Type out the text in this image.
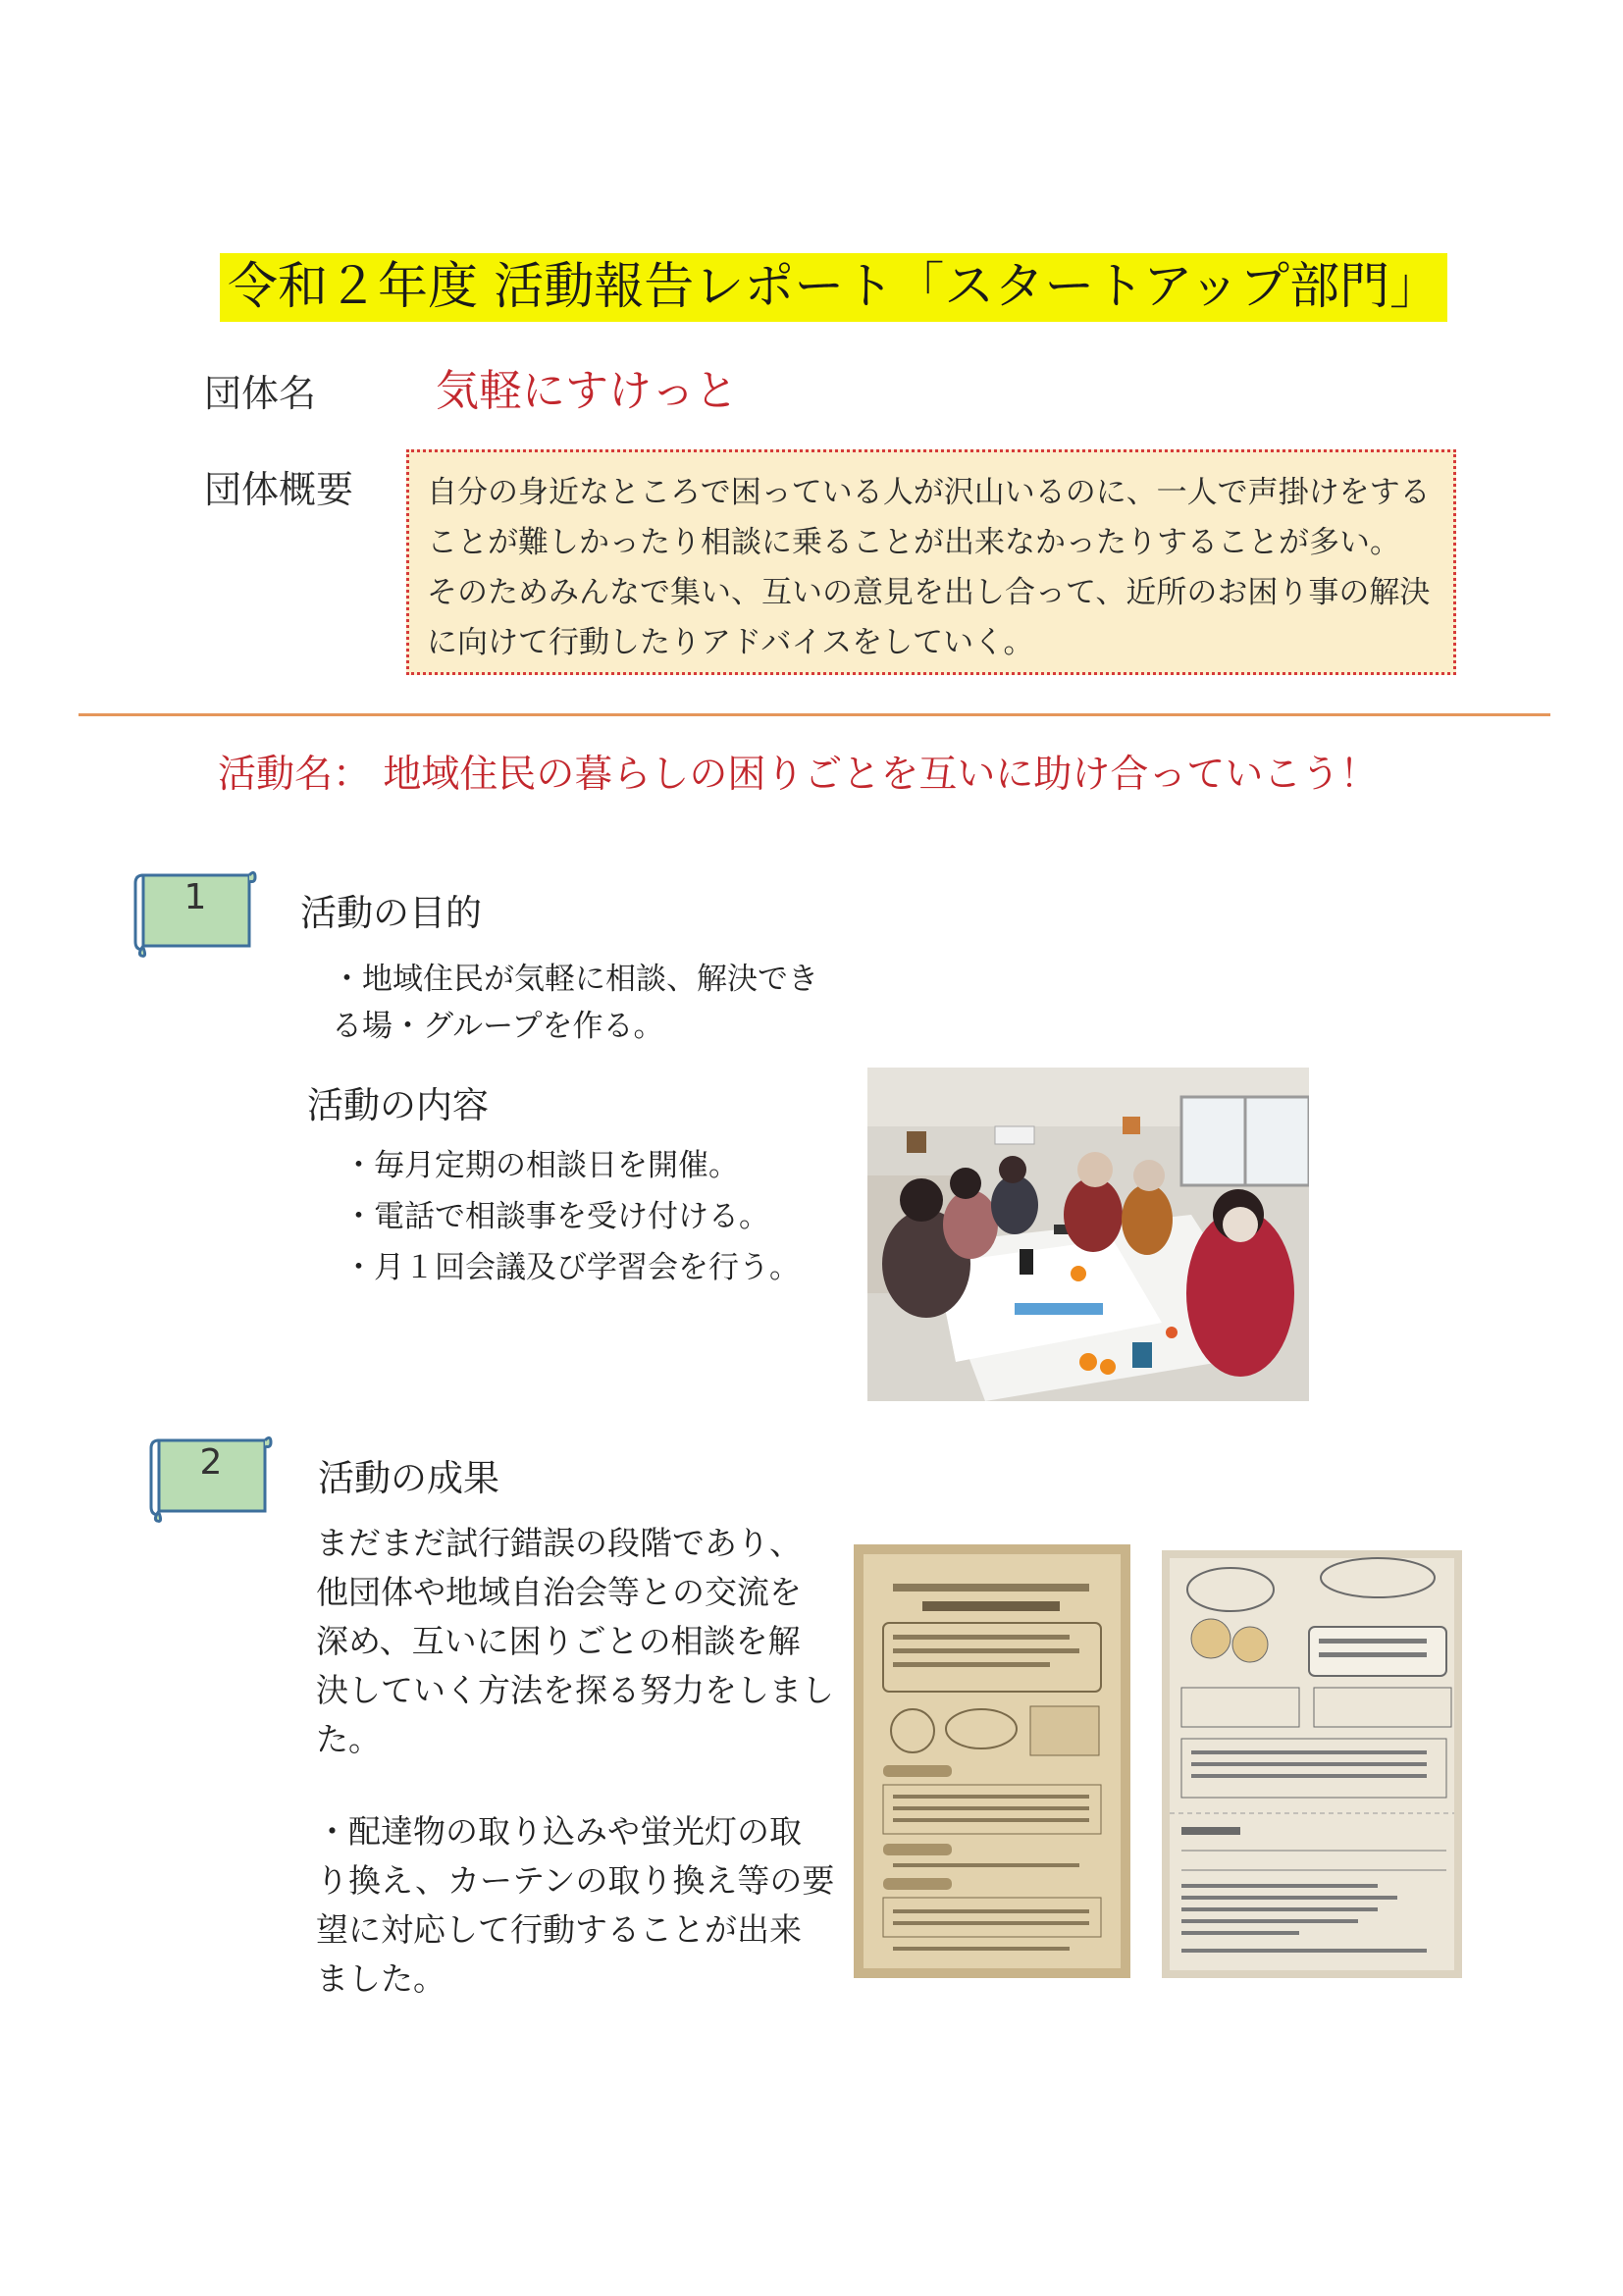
令和２年度 活動報告レポート「スタートアップ部門」
団体名	気軽にすけっと
団体概要 自分の身近なところで困っている人が沢山いるのに、一人で声掛けをする
ことが難しかったり相談に乗ることが出来なかったりすることが多い。
そのためみんなで集い、互いの意見を出し合って、近所のお困り事の解決
に向けて行動したりアドバイスをしていく。
活動名： 地域住民の暮らしの困りごとを互いに助け合っていこう！
1	活動の目的
・地域住民が気軽に相談、解決でき
る場・グループを作る。
活動の内容
・毎月定期の相談日を開催。
・電話で相談事を受け付ける。
・月１回会議及び学習会を行う。
2	活動の成果
まだまだ試行錯誤の段階であり、
他団体や地域自治会等との交流を
深め、互いに困りごとの相談を解
決していく方法を探る努力をしまし
た。
・配達物の取り込みや蛍光灯の取
り換え、カーテンの取り換え等の要
望に対応して行動することが出来
ました。
